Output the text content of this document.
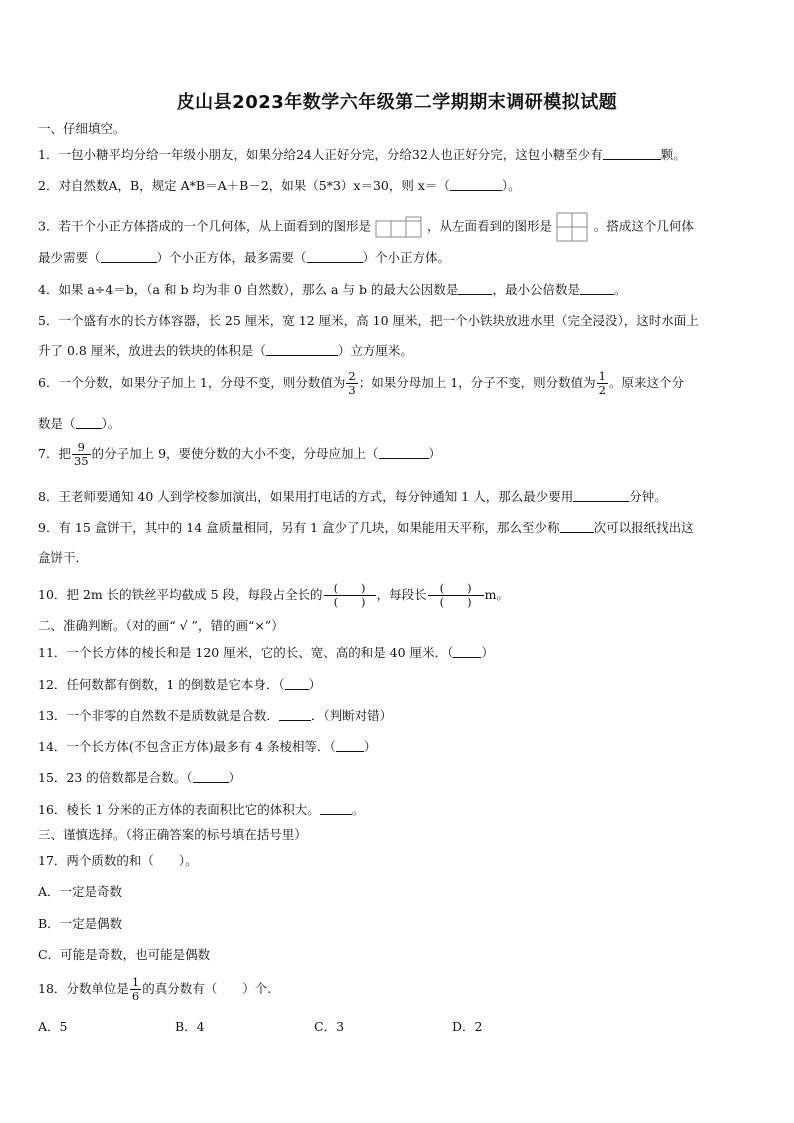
皮山县2023年数学六年级第二学期期末调研模拟试题
一、仔细填空。
1．一包小糖平均分给一年级小朋友，如果分给24人正好分完，分给32人也正好分完，这包小糖至少有	颗。
2．对自然数A，B，规定 A*B＝A＋B－2，如果（5*3）x＝30，则 x＝（	）。
3．若干个小正方体搭成的一个几何体，从上面看到的图形是	，从左面看到的图形是	。搭成这个几何体
最少需要（	）个小正方体，最多需要（	）个小正方体。
4．如果 a÷4＝b，（a 和 b 均为非 0 自然数），那么 a 与 b 的最大公因数是	，最小公倍数是	。
5．一个盛有水的长方体容器，长 25 厘米，宽 12 厘米，高 10 厘米，把一个小铁块放进水里（完全浸没），这时水面上
升了 0.8 厘米，放进去的铁块的体积是（	）立方厘米。
6．一个分数，如果分子加上 1，分母不变，则分数值为 $\frac{2}{3}$ ；如果分母加上 1，分子不变，则分数值为 $\frac{1}{2}$ 。原来这个分
数是（ ）。
7．把 $\frac{9}{35}$ 的分子加上 9，要使分数的大小不变，分母应加上（	）
8．王老师要通知 40 人到学校参加演出，如果用打电话的方式，每分钟通知 1 人，那么最少要用	分钟。
9．有 15 盒饼干，其中的 14 盒质量相同，另有 1 盒少了几块，如果能用天平称，那么至少称	次可以报纸找出这
盒饼干．
10．把 2m 长的铁丝平均截成 5 段，每段占全长的 $\frac{( )}{( )}$ ，每段长 $\frac{( )}{( )}$ m。
二、准确判断。（对的画“ √ ”，错的画“×”）
11．一个长方体的棱长和是 120 厘米，它的长、宽、高的和是 40 厘米．（ ）
12．任何数都有倒数，1 的倒数是它本身．（ ）
13．一个非零的自然数不是质数就是合数．	．（判断对错）
14．一个长方体(不包含正方体)最多有 4 条棱相等．（ ）
15．23 的倍数都是合数。（	）
16．棱长 1 分米的正方体的表面积比它的体积大。	。
三、谨慎选择。（将正确答案的标号填在括号里）
17．两个质数的和（　　）。
A．一定是奇数
B．一定是偶数
C．可能是奇数，也可能是偶数
18．分数单位是 $\frac{1}{6}$ 的真分数有（　　）个.
A．5	B．4	C．3	D．2
